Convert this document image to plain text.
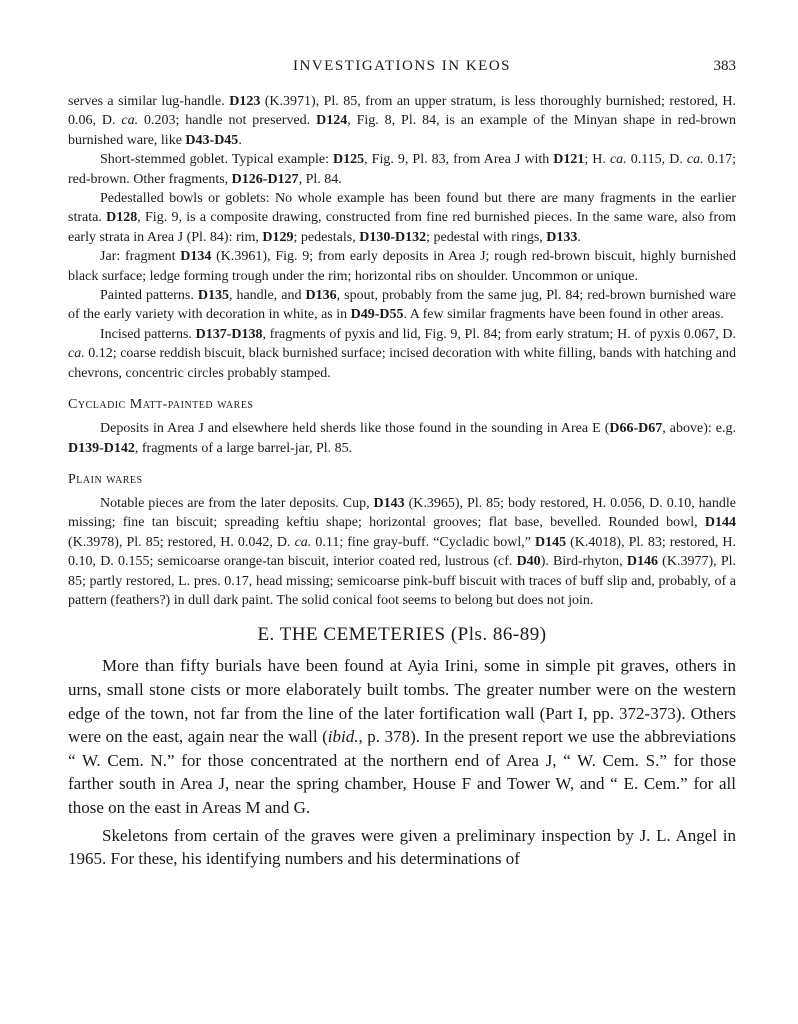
INVESTIGATIONS IN KEOS	383

serves a similar lug-handle. D123 (K.3971), Pl. 85, from an upper stratum, is less thoroughly burnished; restored, H. 0.06, D. ca. 0.203; handle not preserved. D124, Fig. 8, Pl. 84, is an example of the Minyan shape in red-brown burnished ware, like D43-D45.

Short-stemmed goblet. Typical example: D125, Fig. 9, Pl. 83, from Area J with D121; H. ca. 0.115, D. ca. 0.17; red-brown. Other fragments, D126-D127, Pl. 84.

Pedestalled bowls or goblets: No whole example has been found but there are many fragments in the earlier strata. D128, Fig. 9, is a composite drawing, constructed from fine red burnished pieces. In the same ware, also from early strata in Area J (Pl. 84): rim, D129; pedestals, D130-D132; pedestal with rings, D133.

Jar: fragment D134 (K.3961), Fig. 9; from early deposits in Area J; rough red-brown biscuit, highly burnished black surface; ledge forming trough under the rim; horizontal ribs on shoulder. Uncommon or unique.

Painted patterns. D135, handle, and D136, spout, probably from the same jug, Pl. 84; red-brown burnished ware of the early variety with decoration in white, as in D49-D55. A few similar fragments have been found in other areas.

Incised patterns. D137-D138, fragments of pyxis and lid, Fig. 9, Pl. 84; from early stratum; H. of pyxis 0.067, D. ca. 0.12; coarse reddish biscuit, black burnished surface; incised decoration with white filling, bands with hatching and chevrons, concentric circles probably stamped.

Cycladic Matt-painted wares

Deposits in Area J and elsewhere held sherds like those found in the sounding in Area E (D66-D67, above): e.g. D139-D142, fragments of a large barrel-jar, Pl. 85.

Plain wares

Notable pieces are from the later deposits. Cup, D143 (K.3965), Pl. 85; body restored, H. 0.056, D. 0.10, handle missing; fine tan biscuit; spreading keftiu shape; horizontal grooves; flat base, bevelled. Rounded bowl, D144 (K.3978), Pl. 85; restored, H. 0.042, D. ca. 0.11; fine gray-buff. “Cycladic bowl,” D145 (K.4018), Pl. 83; restored, H. 0.10, D. 0.155; semicoarse orange-tan biscuit, interior coated red, lustrous (cf. D40). Bird-rhyton, D146 (K.3977), Pl. 85; partly restored, L. pres. 0.17, head missing; semicoarse pink-buff biscuit with traces of buff slip and, probably, of a pattern (feathers?) in dull dark paint. The solid conical foot seems to belong but does not join.

E. THE CEMETERIES (Pls. 86-89)

More than fifty burials have been found at Ayia Irini, some in simple pit graves, others in urns, small stone cists or more elaborately built tombs. The greater number were on the western edge of the town, not far from the line of the later fortification wall (Part I, pp. 372-373). Others were on the east, again near the wall (ibid., p. 378). In the present report we use the abbreviations “ W. Cem. N.” for those concentrated at the northern end of Area J, “ W. Cem. S.” for those farther south in Area J, near the spring chamber, House F and Tower W, and “ E. Cem.” for all those on the east in Areas M and G.

Skeletons from certain of the graves were given a preliminary inspection by J. L. Angel in 1965. For these, his identifying numbers and his determinations of
